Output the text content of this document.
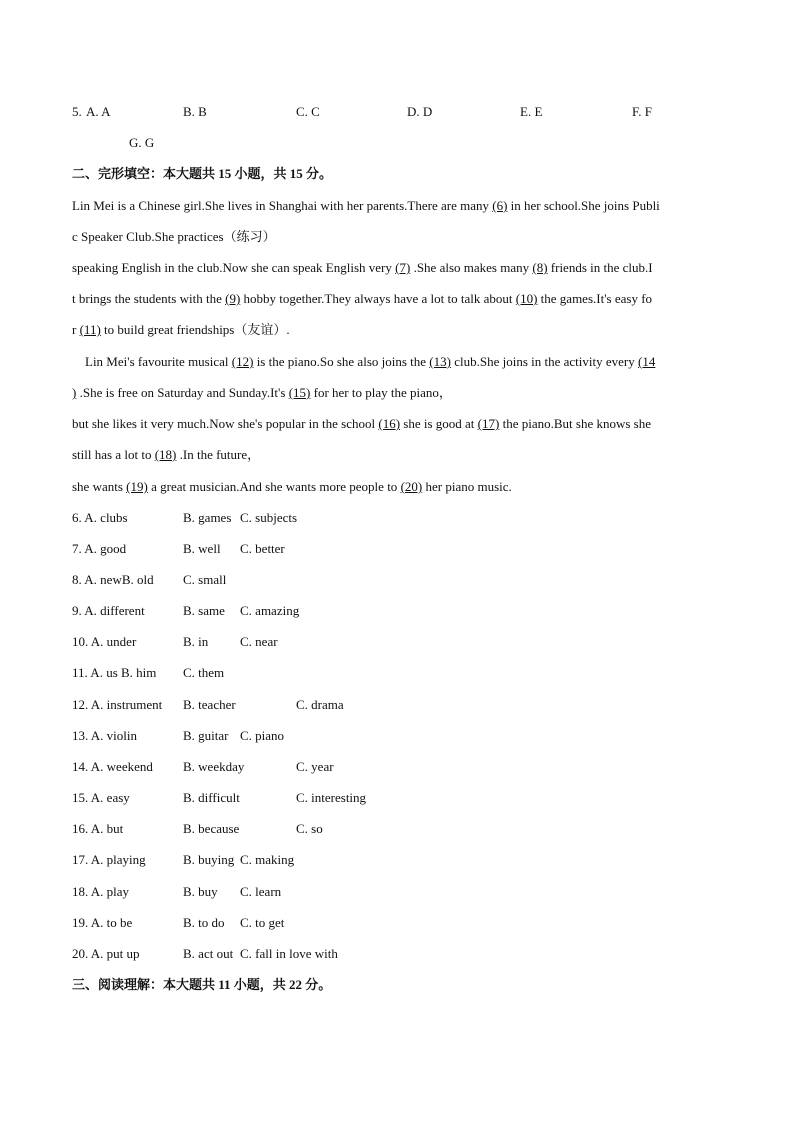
5. A. A	B. B	C. C	D. D	E. E	F. F
G. G
二、完形填空：本大题共 15 小题，共 15 分。
Lin Mei is a Chinese girl.She lives in Shanghai with her parents.There are many (6) in her school.She joins Publi
c Speaker Club.She practices（练习）
speaking English in the club.Now she can speak English very (7) .She also makes many (8) friends in the club.I
t brings the students with the (9) hobby together.They always have a lot to talk about (10) the games.It's easy fo
r (11) to build great friendships（友谊）.
Lin Mei's favourite musical (12) is the piano.So she also joins the (13) club.She joins in the activity every (14
) .She is free on Saturday and Sunday.It's (15) for her to play the piano，
but she likes it very much.Now she's popular in the school (16) she is good at (17) the piano.But she knows she
still has a lot to (18) .In the future，
she wants (19) a great musician.And she wants more people to (20) her piano music.
6. A. clubs	B. games C. subjects
7. A. good	B. well C. better
8. A. newB. old C. small
9. A. different	B. same C. amazing
10. A. under	B. in C. near
11. A. us B. him C. them
12. A. instrument B. teacher	C. drama
13. A. violin	B. guitar C. piano
14. A. weekend B. weekday	C. year
15. A. easy	B. difficult	C. interesting
16. A. but	B. because	C. so
17. A. playing	B. buying C. making
18. A. play	B. buy C. learn
19. A. to be	B. to do C. to get
20. A. put up	B. act out C. fall in love with
三、阅读理解：本大题共 11 小题，共 22 分。
